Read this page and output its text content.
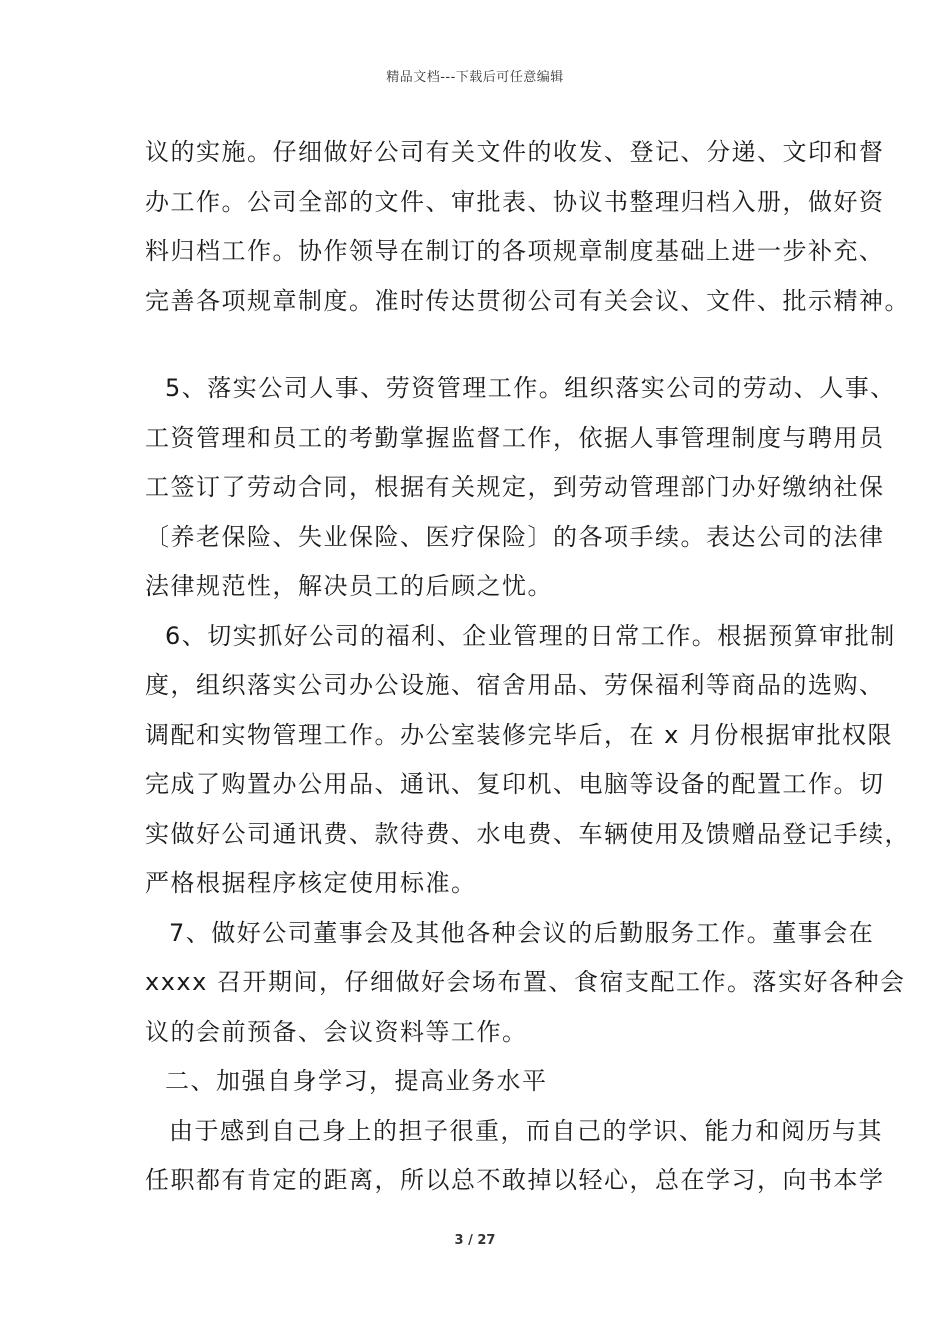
精品文档---下载后可任意编辑
议的实施。仔细做好公司有关文件的收发、登记、分递、文印和督
办工作。公司全部的文件、审批表、协议书整理归档入册，做好资
料归档工作。协作领导在制订的各项规章制度基础上进一步补充、
完善各项规章制度。准时传达贯彻公司有关会议、文件、批示精神。
5、落实公司人事、劳资管理工作。组织落实公司的劳动、人事、
工资管理和员工的考勤掌握监督工作，依据人事管理制度与聘用员
工签订了劳动合同，根据有关规定，到劳动管理部门办好缴纳社保
〔养老保险、失业保险、医疗保险〕的各项手续。表达公司的法律
法律规范性，解决员工的后顾之忧。
6、切实抓好公司的福利、企业管理的日常工作。根据预算审批制
度，组织落实公司办公设施、宿舍用品、劳保福利等商品的选购、
调配和实物管理工作。办公室装修完毕后，在 x 月份根据审批权限
完成了购置办公用品、通讯、复印机、电脑等设备的配置工作。切
实做好公司通讯费、款待费、水电费、车辆使用及馈赠品登记手续，
严格根据程序核定使用标准。
7、做好公司董事会及其他各种会议的后勤服务工作。董事会在
xxxx 召开期间，仔细做好会场布置、食宿支配工作。落实好各种会
议的会前预备、会议资料等工作。
二、加强自身学习，提高业务水平
由于感到自己身上的担子很重，而自己的学识、能力和阅历与其
任职都有肯定的距离，所以总不敢掉以轻心，总在学习，向书本学
3 / 27
